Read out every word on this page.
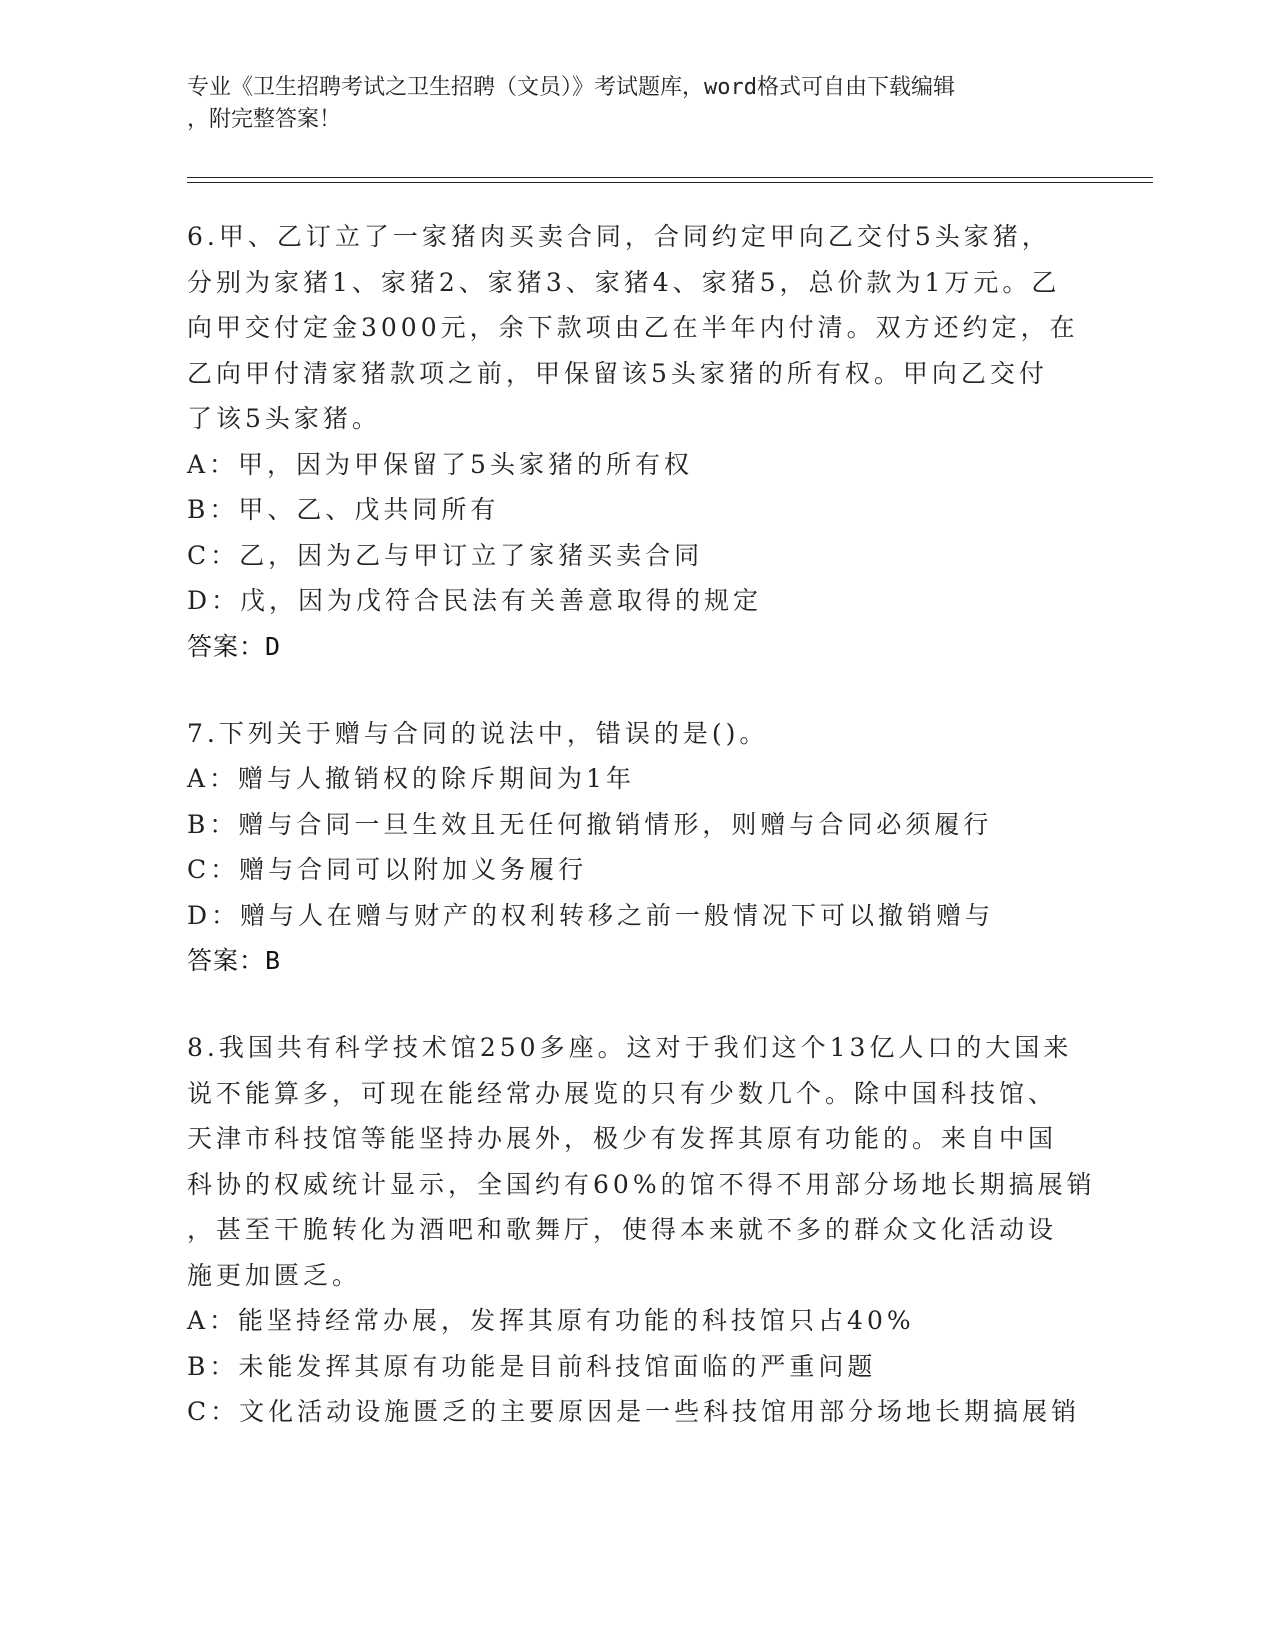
专业《卫生招聘考试之卫生招聘（文员）》考试题库，word格式可自由下载编辑
，附完整答案！
6.甲、乙订立了一家猪肉买卖合同，合同约定甲向乙交付5头家猪，
分别为家猪1、家猪2、家猪3、家猪4、家猪5，总价款为1万元。乙
向甲交付定金3000元，余下款项由乙在半年内付清。双方还约定，在
乙向甲付清家猪款项之前，甲保留该5头家猪的所有权。甲向乙交付
了该5头家猪。
A：甲，因为甲保留了5头家猪的所有权
B：甲、乙、戊共同所有
C：乙，因为乙与甲订立了家猪买卖合同
D：戊，因为戊符合民法有关善意取得的规定
答案：D
7.下列关于赠与合同的说法中，错误的是()。
A：赠与人撤销权的除斥期间为1年
B：赠与合同一旦生效且无任何撤销情形，则赠与合同必须履行
C：赠与合同可以附加义务履行
D：赠与人在赠与财产的权利转移之前一般情况下可以撤销赠与
答案：B
8.我国共有科学技术馆250多座。这对于我们这个13亿人口的大国来
说不能算多，可现在能经常办展览的只有少数几个。除中国科技馆、
天津市科技馆等能坚持办展外，极少有发挥其原有功能的。来自中国
科协的权威统计显示，全国约有60%的馆不得不用部分场地长期搞展销
，甚至干脆转化为酒吧和歌舞厅，使得本来就不多的群众文化活动设
施更加匮乏。
A：能坚持经常办展，发挥其原有功能的科技馆只占40%
B：未能发挥其原有功能是目前科技馆面临的严重问题
C：文化活动设施匮乏的主要原因是一些科技馆用部分场地长期搞展销
